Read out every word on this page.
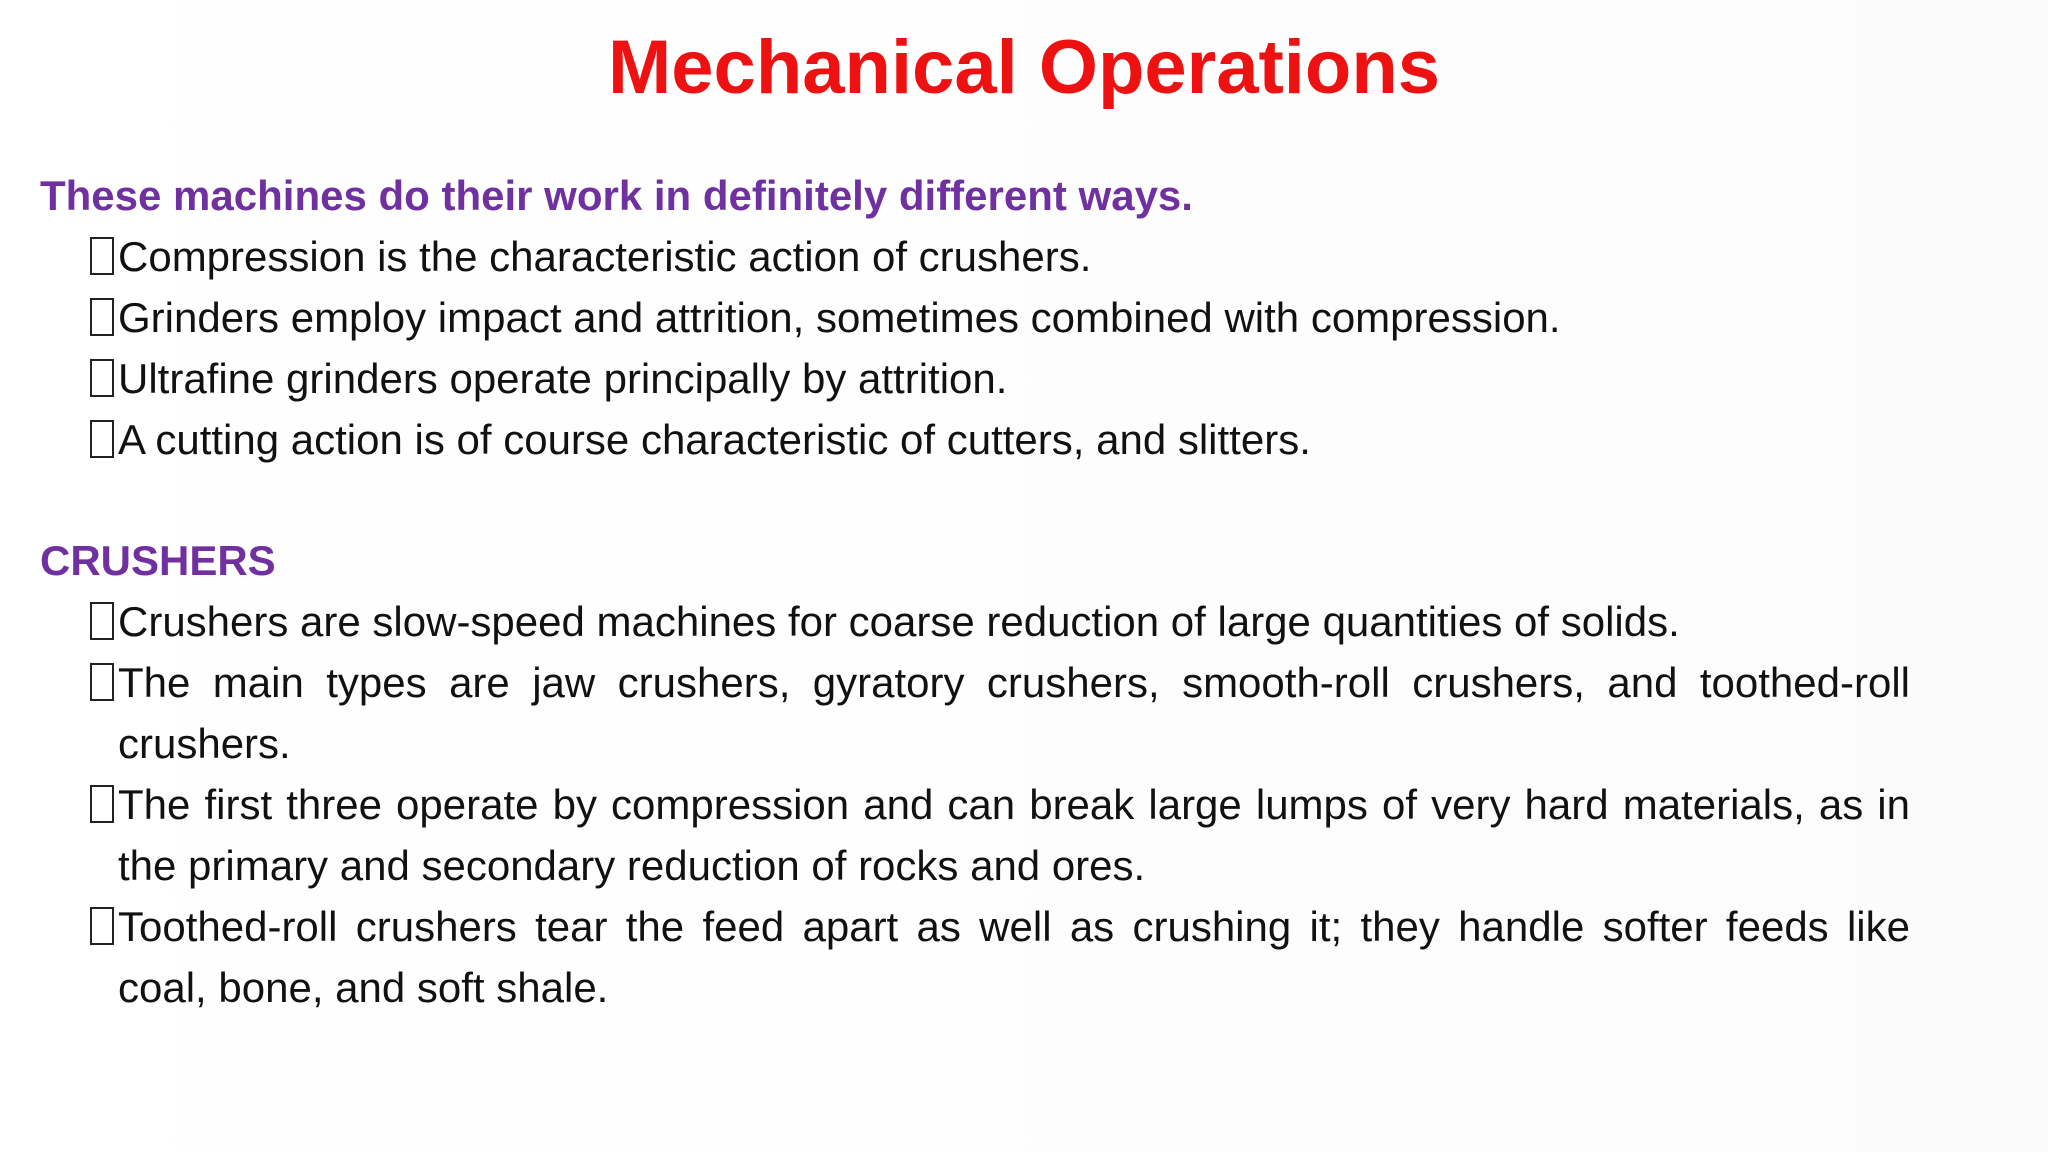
Mechanical Operations

These machines do their work in definitely different ways.

Compression is the characteristic action of crushers.
Grinders employ impact and attrition, sometimes combined with compression.
Ultrafine grinders operate principally by attrition.
A cutting action is of course characteristic of cutters, and slitters.

CRUSHERS

Crushers are slow-speed machines for coarse reduction of large quantities of solids.
The main types are jaw crushers, gyratory crushers, smooth-roll crushers, and toothed-roll crushers.
The first three operate by compression and can break large lumps of very hard materials, as in the primary and secondary reduction of rocks and ores.
Toothed-roll crushers tear the feed apart as well as crushing it; they handle softer feeds like coal, bone, and soft shale.
